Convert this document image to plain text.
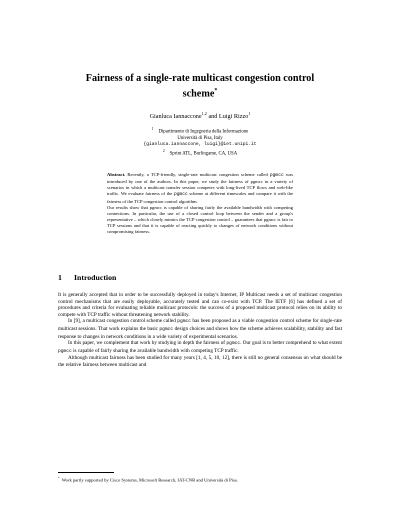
Fairness of a single-rate multicast congestion control scheme*
Gianluca Iannaccone$^{1,2}$ and Luigi Rizzo$^1$
$^1$Dipartimento di Ingegneria della Informazione
Università di Pisa, Italy
{gianluca.iannaccone, luigi}@iet.unipi.it
$^2$Sprint ATL, Burlingame, CA, USA

Abstract. Recently, a TCP-friendly, single-rate multicast congestion scheme called pgmcc was introduced by one of the authors. In this paper, we study the fairness of pgmcc in a variety of scenarios in which a multicast transfer session competes with long-lived TCP flows and web-like traffic. We evaluate fairness of the pgmcc scheme at different timescales and compare it with the fairness of the TCP congestion control algorithm.

Our results show that pgmcc is capable of sharing fairly the available bandwidth with competing connections. In particular, the use of a closed control loop between the sender and a group's representative – which closely mimics the TCP congestion control – guarantees that pgmcc is fair to TCP sessions and that it is capable of reacting quickly to changes of network conditions without compromising fairness.

1 Introduction

It is generally accepted that in order to be successfully deployed in today's Internet, IP Multicast needs a set of multicast congestion control mechanisms that are easily deployable, accurately tested and can co-exist with TCP. The IETF [6] has defined a set of procedures and criteria for evaluating reliable multicast protocols: the success of a proposed multicast protocol relies on its ability to compete with TCP traffic without threatening network stability.

In [9], a multicast congestion control scheme called pgmcc has been proposed as a viable congestion control scheme for single-rate multicast sessions. That work explains the basic pgmcc design choices and shows how the scheme achieves scalability, stability and fast response to changes in network conditions in a wide variety of experimental scenarios.

In this paper, we complement that work by studying in depth the fairness of pgmcc. Our goal is to better comprehend to what extent pgmcc is capable of fairly sharing the available bandwidth with competing TCP traffic.

Although multicast fairness has been studied for many years [1, 4, 5, 10, 12], there is still no general consensus on what should be the relative fairness between multicast and

* Work partly supported by Cisco Systems, Microsoft Research, IAT-CNR and Università di Pisa.
